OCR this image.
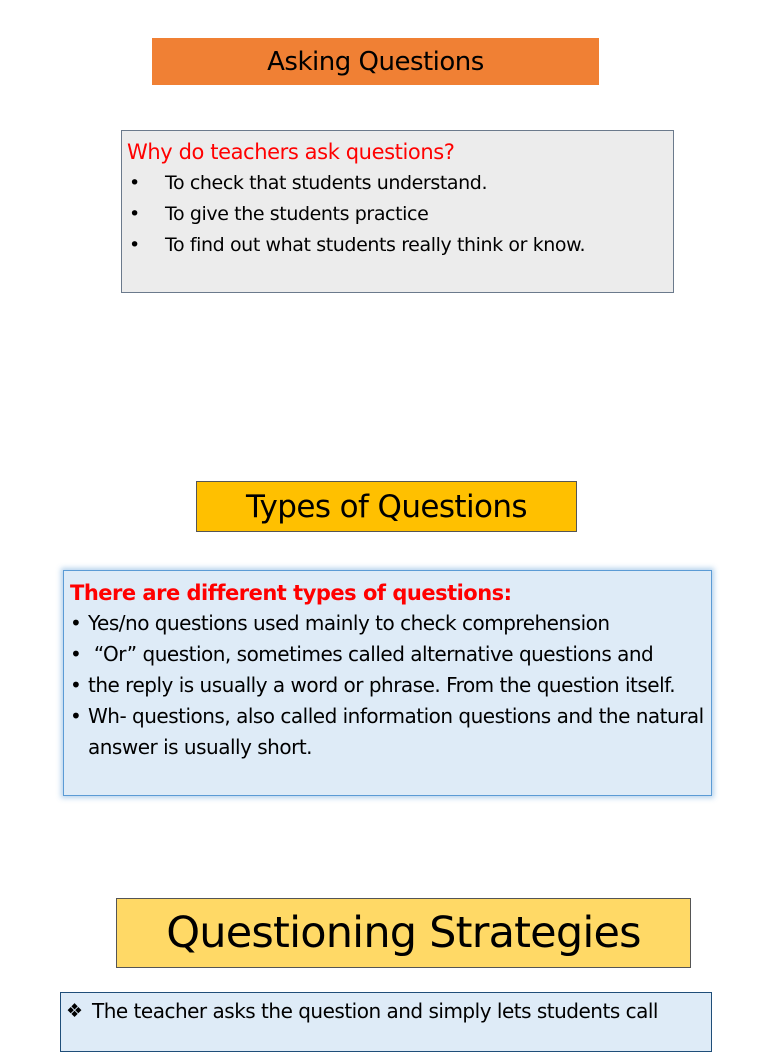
Asking Questions
Why do teachers ask questions?
•	To check that students understand.
•	To give the students practice
•	To find out what students really think or know.
Types of Questions
There are different types of questions:
• Yes/no questions used mainly to check comprehension
• “Or” question, sometimes called alternative questions and
• the reply is usually a word or phrase. From the question itself.
• Wh- questions, also called information questions and the natural answer is usually short.
Questioning Strategies
❖ The teacher asks the question and simply lets students call
